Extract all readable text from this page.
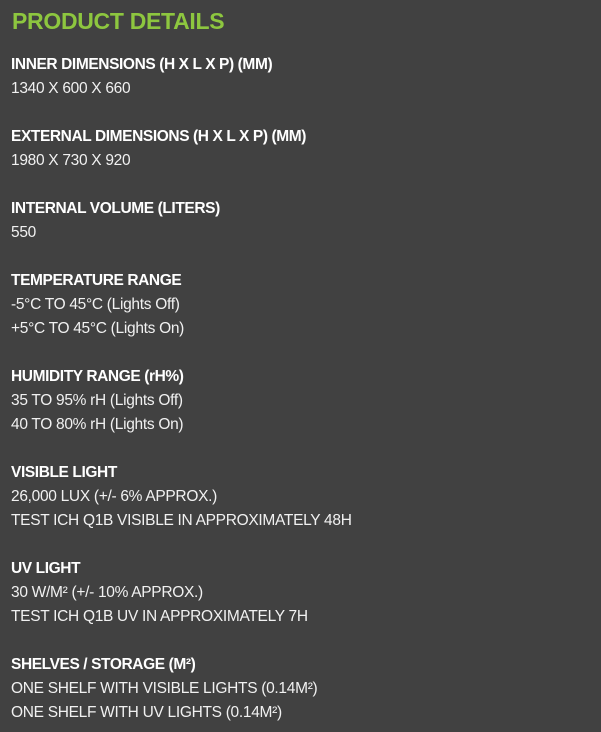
PRODUCT DETAILS
INNER DIMENSIONS (H X L X P) (MM)
1340 X 600 X 660
EXTERNAL DIMENSIONS (H X L X P) (MM)
1980 X 730 X 920
INTERNAL VOLUME (LITERS)
550
TEMPERATURE RANGE
-5°C TO 45°C (Lights Off)
+5°C TO 45°C (Lights On)
HUMIDITY RANGE (rH%)
35 TO 95% rH (Lights Off)
40 TO 80% rH (Lights On)
VISIBLE LIGHT
26,000 LUX (+/- 6% APPROX.)
TEST ICH Q1B VISIBLE IN APPROXIMATELY 48H
UV LIGHT
30 W/M² (+/- 10% APPROX.)
TEST ICH Q1B UV IN APPROXIMATELY 7H
SHELVES / STORAGE (M²)
ONE SHELF WITH VISIBLE LIGHTS (0.14M²)
ONE SHELF WITH UV LIGHTS (0.14M²)
